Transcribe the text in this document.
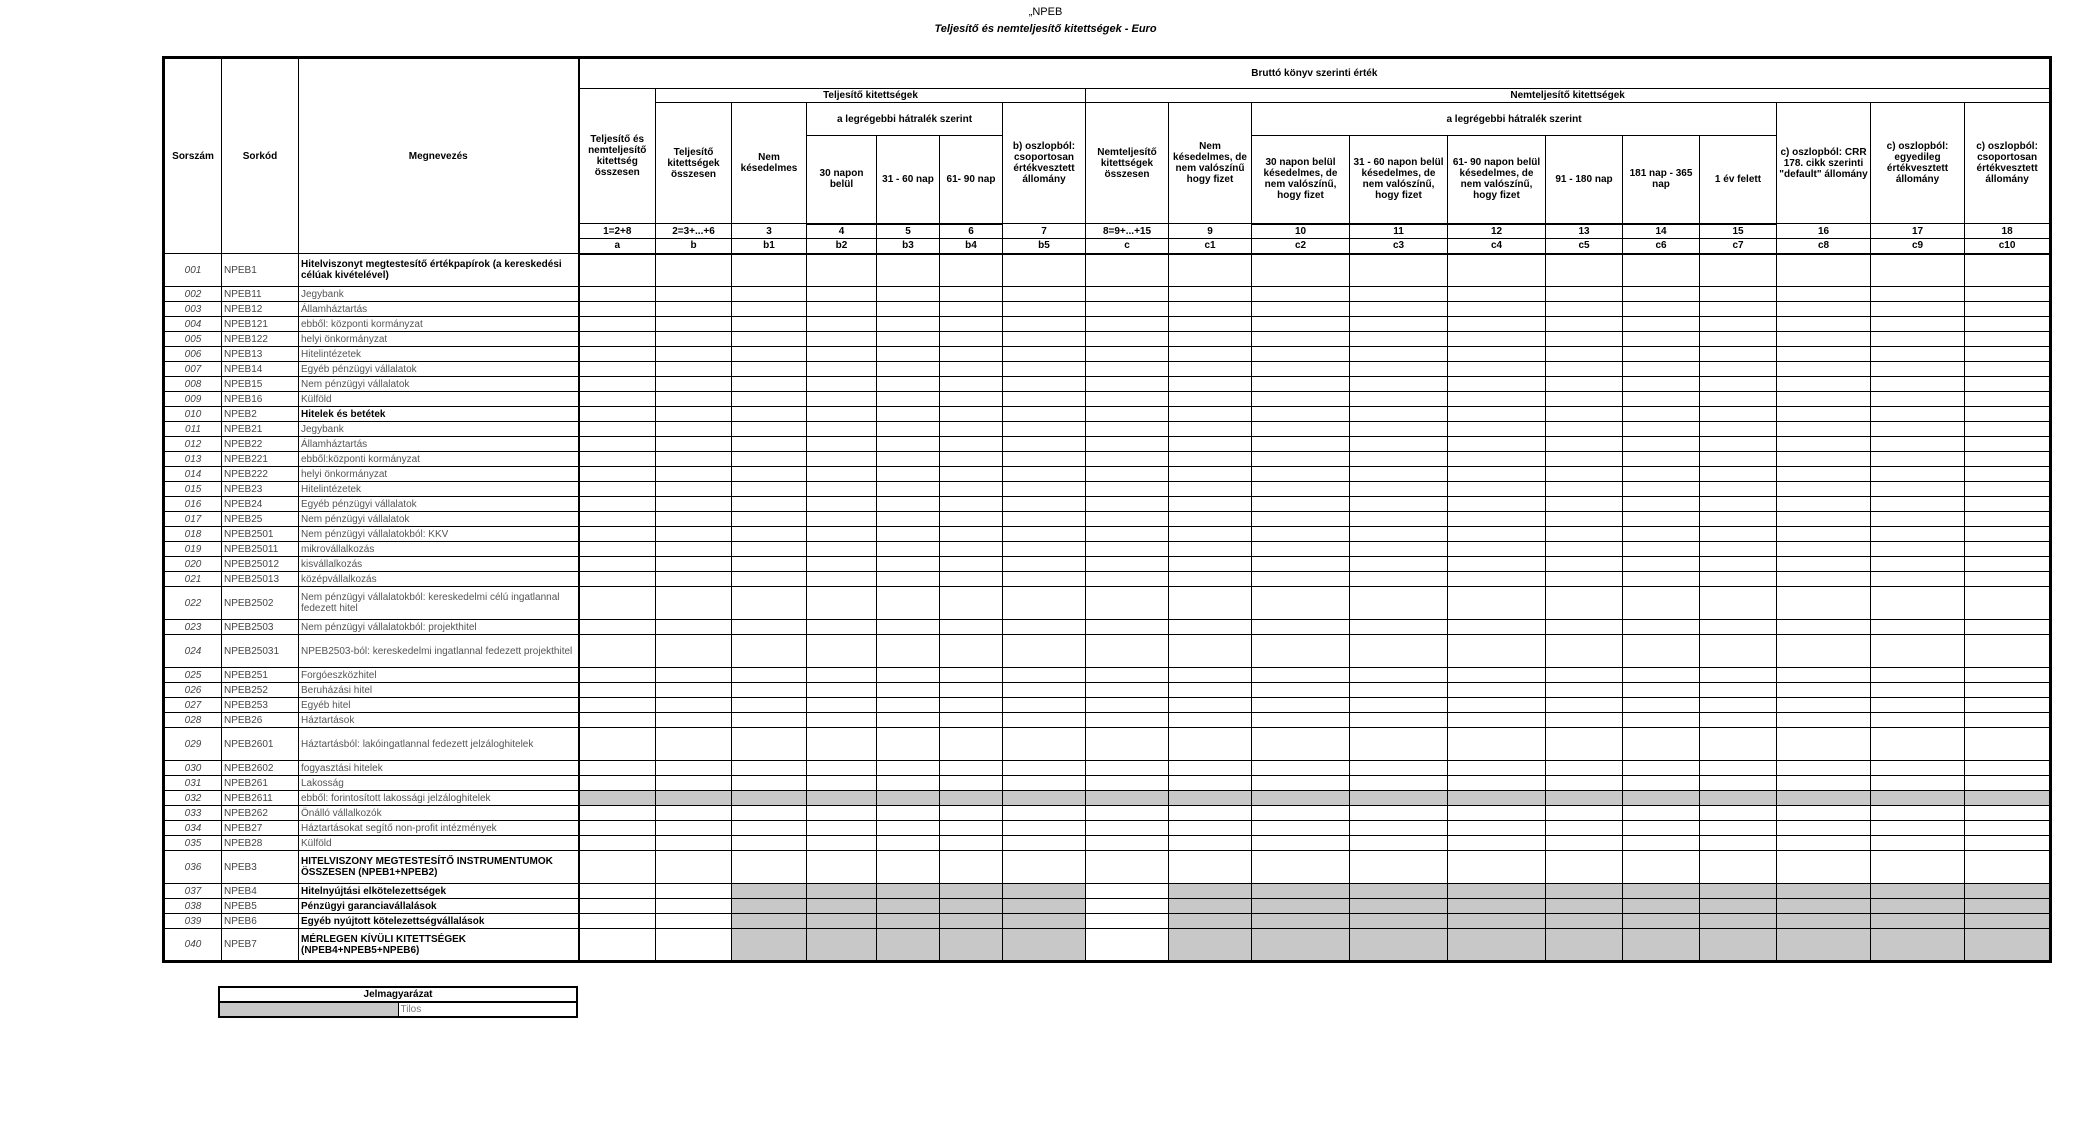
„NPEB
Teljesítő és nemteljesítő kitettségek - Euro
Sorszám	Sorkód	Megnevezés	Bruttó könyv szerinti érték																	
			Teljesítő és nemteljesítő kitettség összesen	Teljesítő kitettségek						Nemteljesítő kitettségek										
				Teljesítő kitettségek összesen	Nem késedelmes	a legrégebbi hátralék szerint			b) oszlopból: csoportosan értékvesztett állomány	Nemteljesítő kitettségek összesen	Nem késedelmes, de nem valószínű hogy fizet	a legrégebbi hátralék szerint						c) oszlopból: CRR 178. cikk szerinti "default" állomány	c) oszlopból: egyedileg értékvesztett állomány	c) oszlopból: csoportosan értékvesztett állomány
						30 napon belül	31 - 60 nap	61- 90 nap				30 napon belül késedelmes, de nem valószínű, hogy fizet	31 - 60 napon belül késedelmes, de nem valószínű, hogy fizet	61- 90 napon belül késedelmes, de nem valószínű, hogy fizet	91 - 180 nap	181 nap - 365 nap	1 év felett			
			1=2+8	2=3+...+6	3	4	5	6	7	8=9+...+15	9	10	11	12	13	14	15	16	17	18
			a	b	b1	b2	b3	b4	b5	c	c1	c2	c3	c4	c5	c6	c7	c8	c9	c10
001	NPEB1	Hitelviszonyt megtestesítő értékpapírok (a kereskedési célúak kivételével)																		
002	NPEB11	Jegybank																		
003	NPEB12	Államháztartás																		
004	NPEB121	ebből: központi kormányzat																		
005	NPEB122	helyi önkormányzat																		
006	NPEB13	Hitelintézetek																		
007	NPEB14	Egyéb pénzügyi vállalatok																		
008	NPEB15	Nem pénzügyi vállalatok																		
009	NPEB16	Külföld																		
010	NPEB2	Hitelek és betétek																		
011	NPEB21	Jegybank																		
012	NPEB22	Államháztartás																		
013	NPEB221	ebből:központi kormányzat																		
014	NPEB222	helyi önkormányzat																		
015	NPEB23	Hitelintézetek																		
016	NPEB24	Egyéb pénzügyi vállalatok																		
017	NPEB25	Nem pénzügyi vállalatok																		
018	NPEB2501	Nem pénzügyi vállalatokból: KKV																		
019	NPEB25011	mikrovállalkozás																		
020	NPEB25012	kisvállalkozás																		
021	NPEB25013	középvállalkozás																		
022	NPEB2502	Nem pénzügyi vállalatokból: kereskedelmi célú ingatlannal fedezett hitel																		
023	NPEB2503	Nem pénzügyi vállalatokból: projekthitel																		
024	NPEB25031	NPEB2503-ból: kereskedelmi ingatlannal fedezett projekthitel																		
025	NPEB251	Forgóeszközhitel																		
026	NPEB252	Beruházási hitel																		
027	NPEB253	Egyéb hitel																		
028	NPEB26	Háztartások																		
029	NPEB2601	Háztartásból: lakóingatlannal fedezett jelzáloghitelek																		
030	NPEB2602	fogyasztási hitelek																		
031	NPEB261	Lakosság																		
032	NPEB2611	ebből: forintosított lakossági jelzáloghitelek																		
033	NPEB262	Önálló vállalkozók																		
034	NPEB27	Háztartásokat segítő non-profit intézmények																		
035	NPEB28	Külföld																		
036	NPEB3	HITELVISZONY MEGTESTESÍTŐ INSTRUMENTUMOK ÖSSZESEN (NPEB1+NPEB2)																		
037	NPEB4	Hitelnyújtási elkötelezettségek																		
038	NPEB5	Pénzügyi garanciavállalások																		
039	NPEB6	Egyéb nyújtott kötelezettségvállalások																		
040	NPEB7	MÉRLEGEN KÍVÜLI KITETTSÉGEK (NPEB4+NPEB5+NPEB6)																		
Jelmagyarázat
	Tilos
